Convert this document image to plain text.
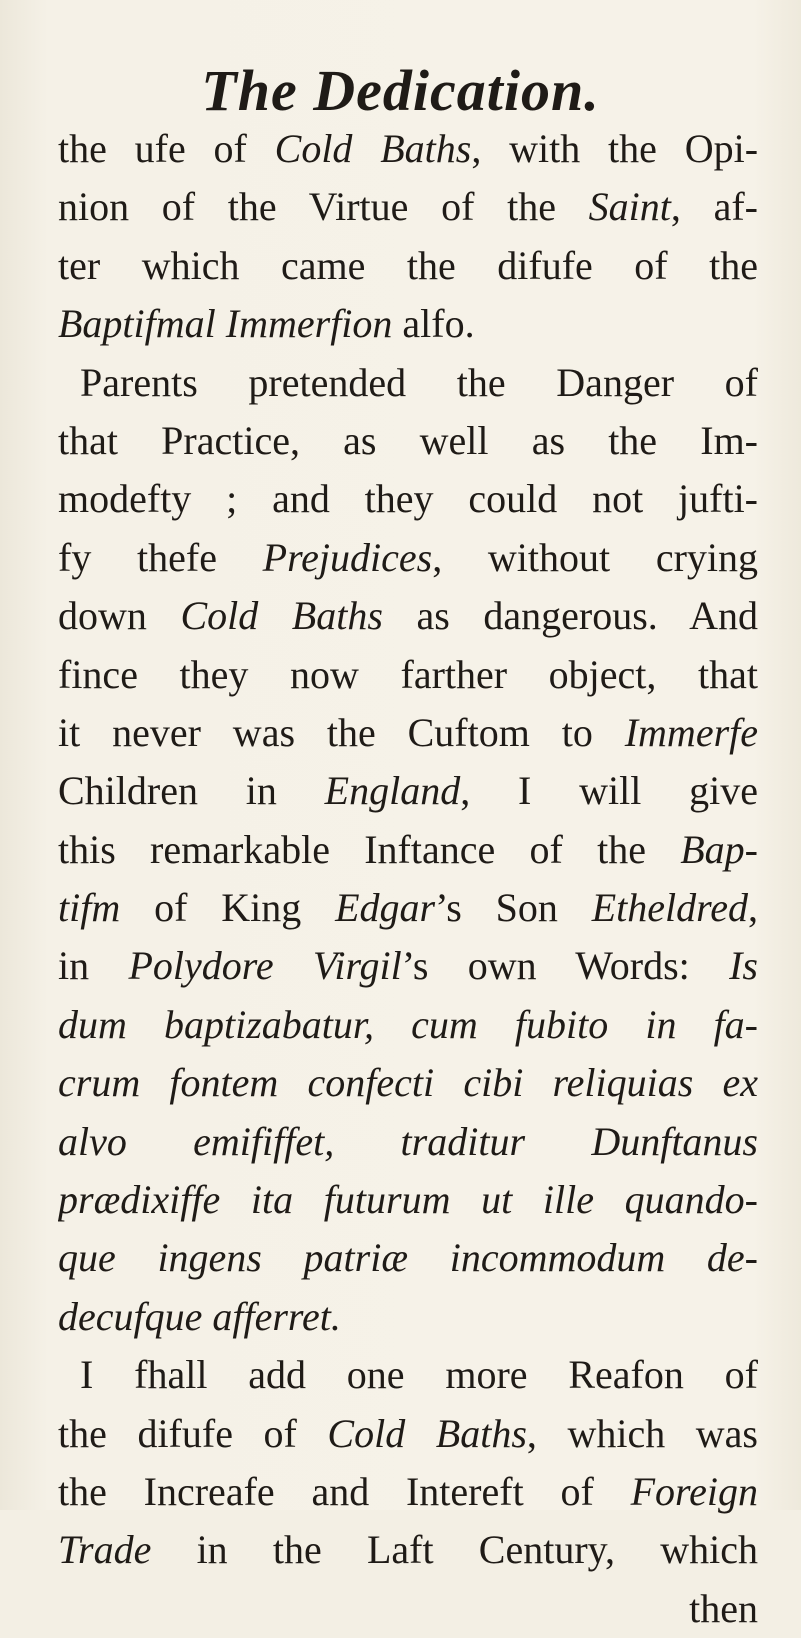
The Dedication.
the ufe of Cold Baths, with the Opi-
nion of the Virtue of the Saint, af-
ter which came the difufe of the
Baptifmal Immerfion alfo.
Parents pretended the Danger of
that Practice, as well as the Im-
modefty ; and they could not jufti-
fy thefe Prejudices, without crying
down Cold Baths as dangerous. And
fince they now farther object, that
it never was the Cuftom to Immerfe
Children in England, I will give
this remarkable Inftance of the Bap-
tifm of King Edgar’s Son Etheldred,
in Polydore Virgil’s own Words: Is
dum baptizabatur, cum fubito in fa-
crum fontem confecti cibi reliquias ex
alvo emififfet, traditur Dunftanus
prædixiffe ita futurum ut ille quando-
que ingens patriæ incommodum de-
decufque afferret.
I fhall add one more Reafon of
the difufe of Cold Baths, which was
the Increafe and Intereft of Foreign
Trade in the Laft Century, which
then
